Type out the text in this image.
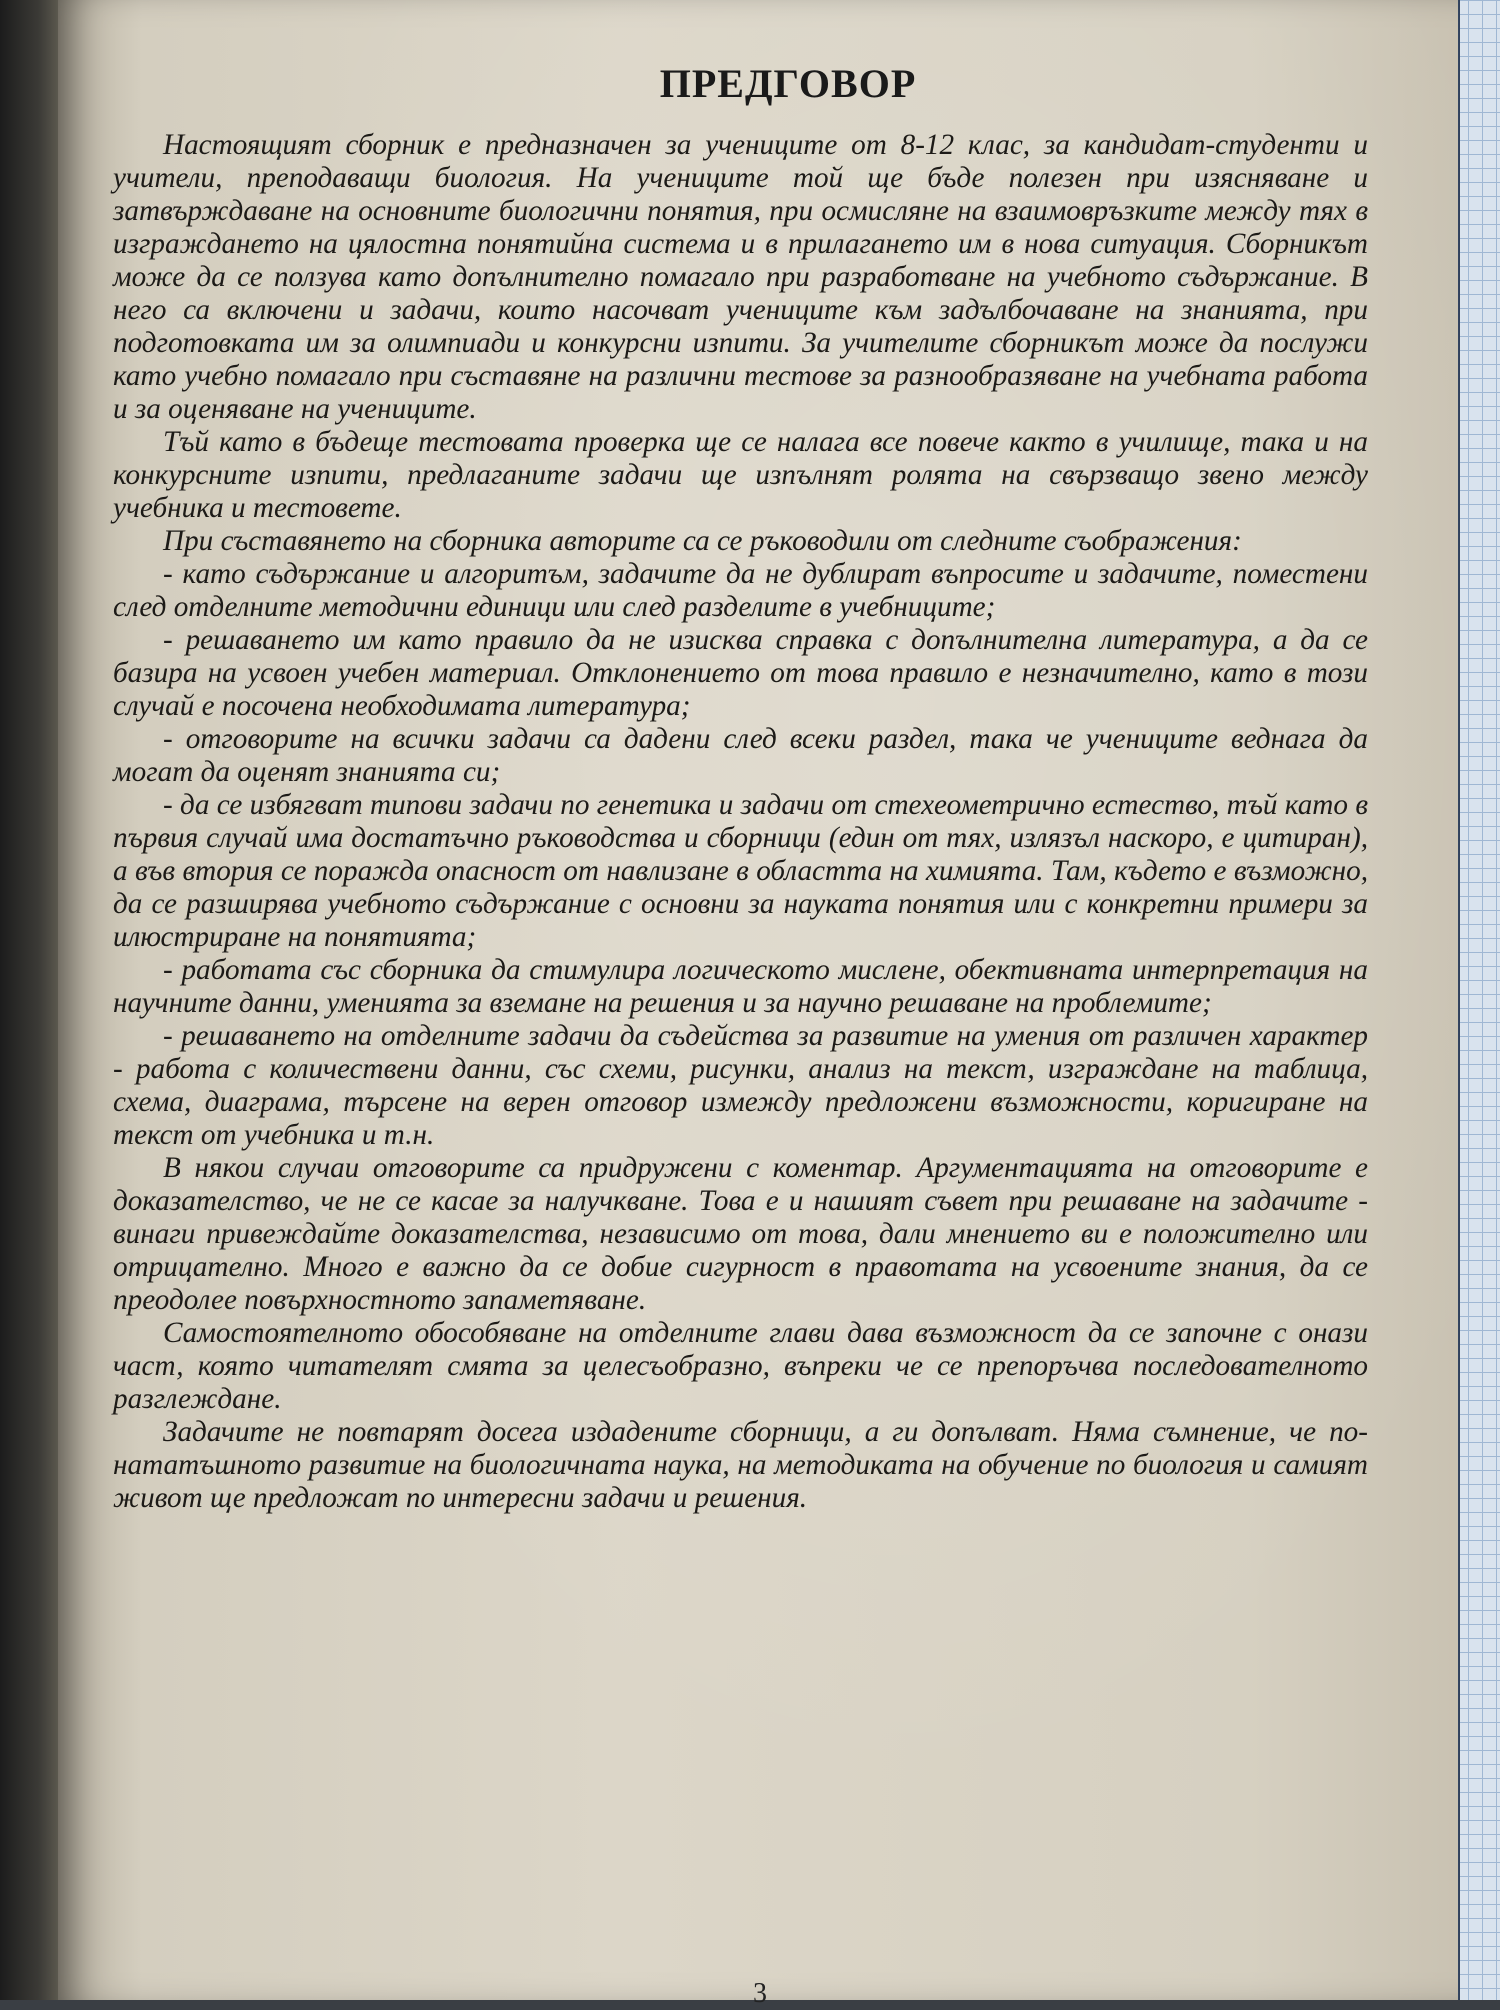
ПРЕДГОВОР

Настоящият сборник е предназначен за учениците от 8-12 клас, за кандидат-студенти и учители, преподаващи биология. На учениците той ще бъде полезен при изясняване и затвърждаване на основните биологични понятия, при осмисляне на взаимовръзките между тях в изграждането на цялостна понятийна система и в прилагането им в нова ситуация. Сборникът може да се ползува като допълнително помагало при разработване на учебното съдържание. В него са включени и задачи, които насочват учениците към задълбочаване на знанията, при подготовката им за олимпиади и конкурсни изпити. За учителите сборникът може да послужи като учебно помагало при съставяне на различни тестове за разнообразяване на учебната работа и за оценяване на учениците.

Тъй като в бъдеще тестовата проверка ще се налага все повече както в училище, така и на конкурсните изпити, предлаганите задачи ще изпълнят ролята на свързващо звено между учебника и тестовете.

При съставянето на сборника авторите са се ръководили от следните съображения:

- като съдържание и алгоритъм, задачите да не дублират въпросите и задачите, поместени след отделните методични единици или след разделите в учебниците;

- решаването им като правило да не изисква справка с допълнителна литература, а да се базира на усвоен учебен материал. Отклонението от това правило е незначително, като в този случай е посочена необходимата литература;

- отговорите на всички задачи са дадени след всеки раздел, така че учениците веднага да могат да оценят знанията си;

- да се избягват типови задачи по генетика и задачи от стехеометрично естество, тъй като в първия случай има достатъчно ръководства и сборници (един от тях, излязъл наскоро, е цитиран), а във втория се поражда опасност от навлизане в областта на химията. Там, където е възможно, да се разширява учебното съдържание с основни за науката понятия или с конкретни примери за илюстриране на понятията;

- работата със сборника да стимулира логическото мислене, обективната интерпретация на научните данни, уменията за вземане на решения и за научно решаване на проблемите;

- решаването на отделните задачи да съдейства за развитие на умения от различен характер - работа с количествени данни, със схеми, рисунки, анализ на текст, изграждане на таблица, схема, диаграма, търсене на верен отговор измежду предложени възможности, коригиране на текст от учебника и т.н.

В някои случаи отговорите са придружени с коментар. Аргументацията на отговорите е доказателство, че не се касае за налучкване. Това е и нашият съвет при решаване на задачите - винаги привеждайте доказателства, независимо от това, дали мнението ви е положително или отрицателно. Много е важно да се добие сигурност в правотата на усвоените знания, да се преодолее повърхностното запаметяване.

Самостоятелното обособяване на отделните глави дава възможност да се започне с онази част, която читателят смята за целесъобразно, въпреки че се препоръчва последователното разглеждане.

Задачите не повтарят досега издадените сборници, а ги допълват. Няма съмнение, че по-нататъшното развитие на биологичната наука, на методиката на обучение по биология и самият живот ще предложат по интересни задачи и решения.

3
